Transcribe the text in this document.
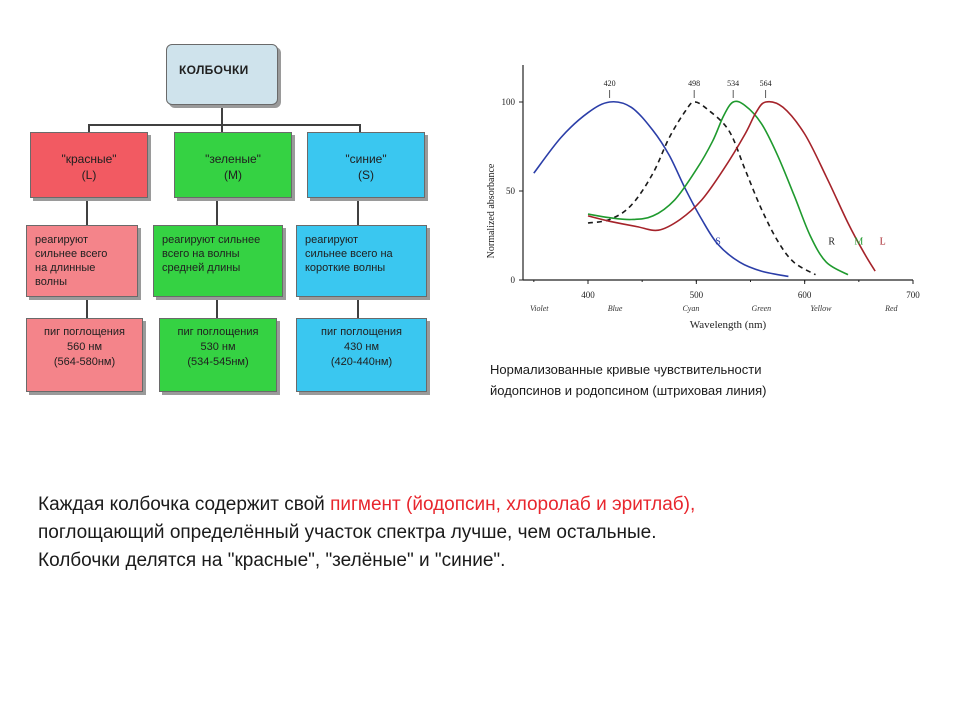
КОЛБОЧКИ
"красные"
(L)
"зеленые"
(M)
"синие"
(S)
реагируют
сильнее всего
на длинные
волны
реагируют сильнее
всего на волны
средней длины
реагируют
сильнее всего на
короткие волны
пиг поглощения
560 нм
(564-580нм)
пиг поглощения
530 нм
(534-545нм)
пиг поглощения
430 нм
(420-440нм)
0
50
100
400	500	600	700
Violet	Blue	Cyan	Green	Yellow	Red
Wavelength (nm)
Normalized absorbance
420
S
498
R
534
M
564
L
Нормализованные кривые чувствительности
йодопсинов и родопсином (штриховая линия)
Каждая колбочка содержит свой пигмент (йодопсин, хлоролаб и эритлаб),
поглощающий определённый участок спектра лучше, чем остальные.
Колбочки делятся на "красные", "зелёные" и "синие".
